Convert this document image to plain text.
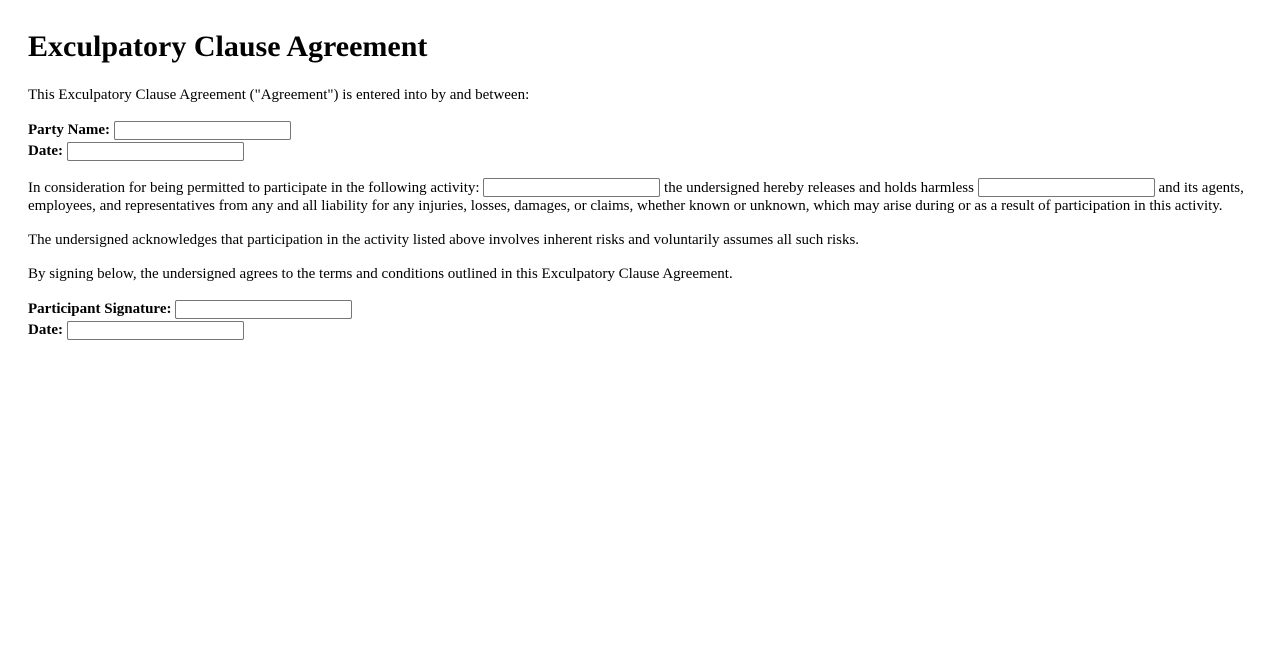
Exculpatory Clause Agreement

This Exculpatory Clause Agreement ("Agreement") is entered into by and between:

Party Name:
Date:

In consideration for being permitted to participate in the following activity:	the undersigned hereby releases and holds harmless	and its agents, employees, and representatives from any and all liability for any injuries, losses, damages, or claims, whether known or unknown, which may arise during or as a result of participation in this activity.

The undersigned acknowledges that participation in the activity listed above involves inherent risks and voluntarily assumes all such risks.

By signing below, the undersigned agrees to the terms and conditions outlined in this Exculpatory Clause Agreement.

Participant Signature:
Date:
